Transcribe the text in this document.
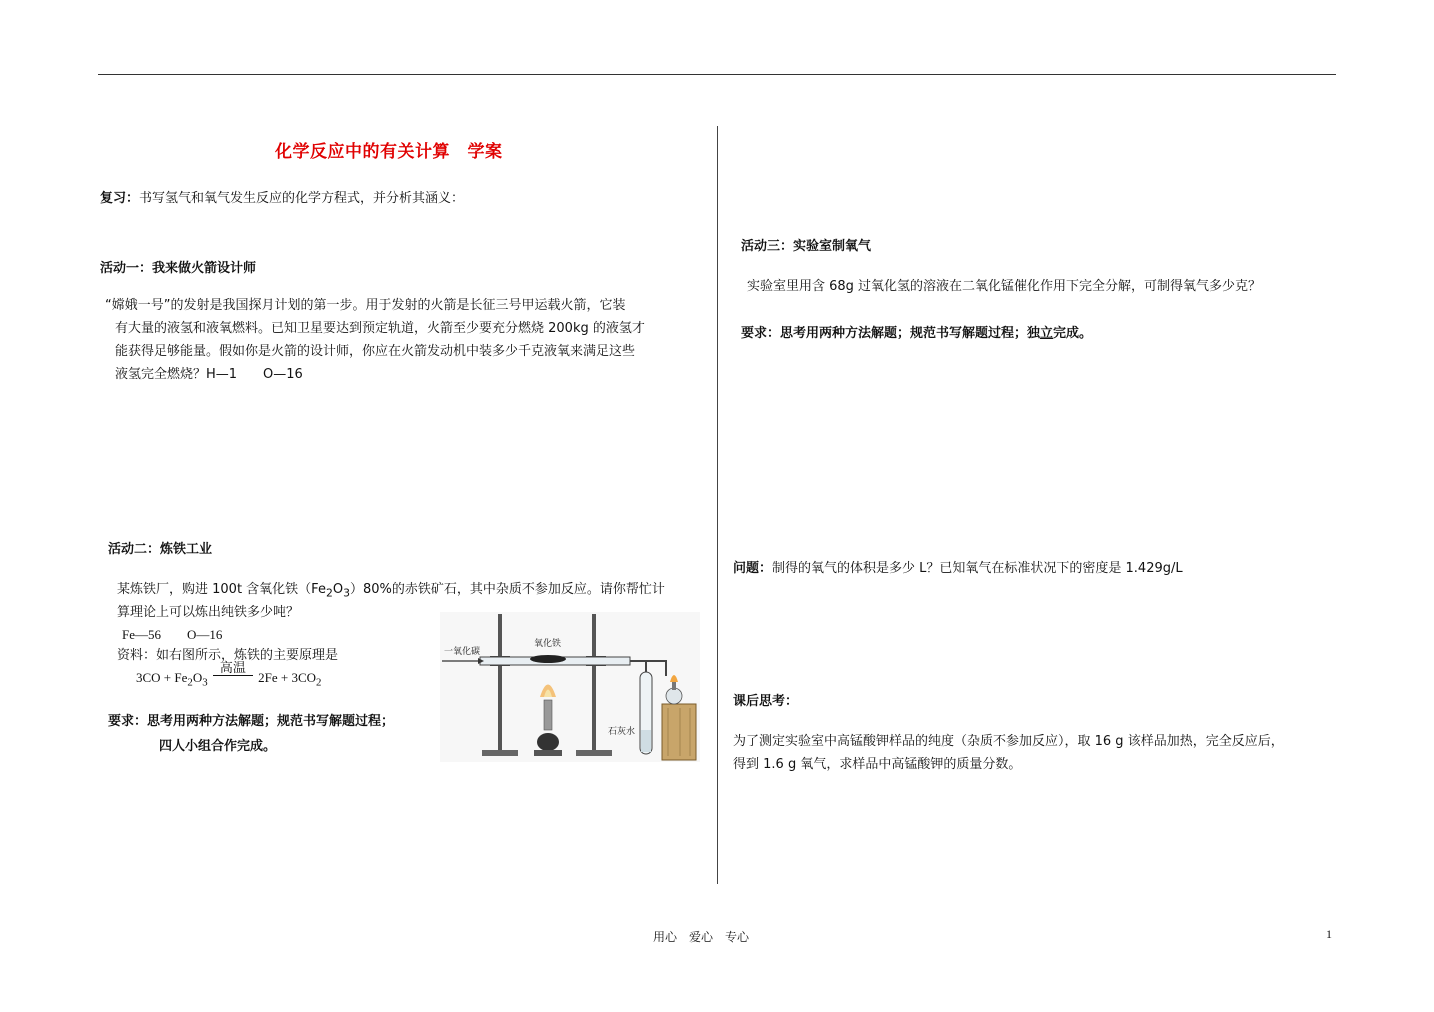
化学反应中的有关计算　学案
复习：书写氢气和氧气发生反应的化学方程式，并分析其涵义：
活动一：我来做火箭设计师
“嫦娥一号”的发射是我国探月计划的第一步。用于发射的火箭是长征三号甲运载火箭，它装
有大量的液氢和液氧燃料。已知卫星要达到预定轨道，火箭至少要充分燃烧 200kg 的液氢才
能获得足够能量。假如你是火箭的设计师，你应在火箭发动机中装多少千克液氧来满足这些
液氢完全燃烧？H—1　　O—16
活动二：炼铁工业
某炼铁厂，购进 100t 含氧化铁$(Fe_2O_3)80\%$的赤铁矿石，其中杂质不参加反应。请你帮忙计
算理论上可以炼出纯铁多少吨？
Fe—56　　O—16
资料：如右图所示，炼铁的主要原理是
$3CO + Fe_2O_3$
高温
$2Fe + 3CO_2$
要求：思考用两种方法解题；规范书写解题过程；
四人小组合作完成。
一氧化碳
氧化铁
石灰水
活动三：实验室制氧气
实验室里用含 68g 过氧化氢的溶液在二氧化锰催化作用下完全分解，可制得氧气多少克？
要求：思考用两种方法解题；规范书写解题过程；独立完成。
问题：制得的氧气的体积是多少 L？已知氧气在标准状况下的密度是 1.429g/L
课后思考：
为了测定实验室中高锰酸钾样品的纯度（杂质不参加反应），取 16 g 该样品加热，完全反应后，
得到 1.6 g 氧气，求样品中高锰酸钾的质量分数。
用心　爱心　专心	1
